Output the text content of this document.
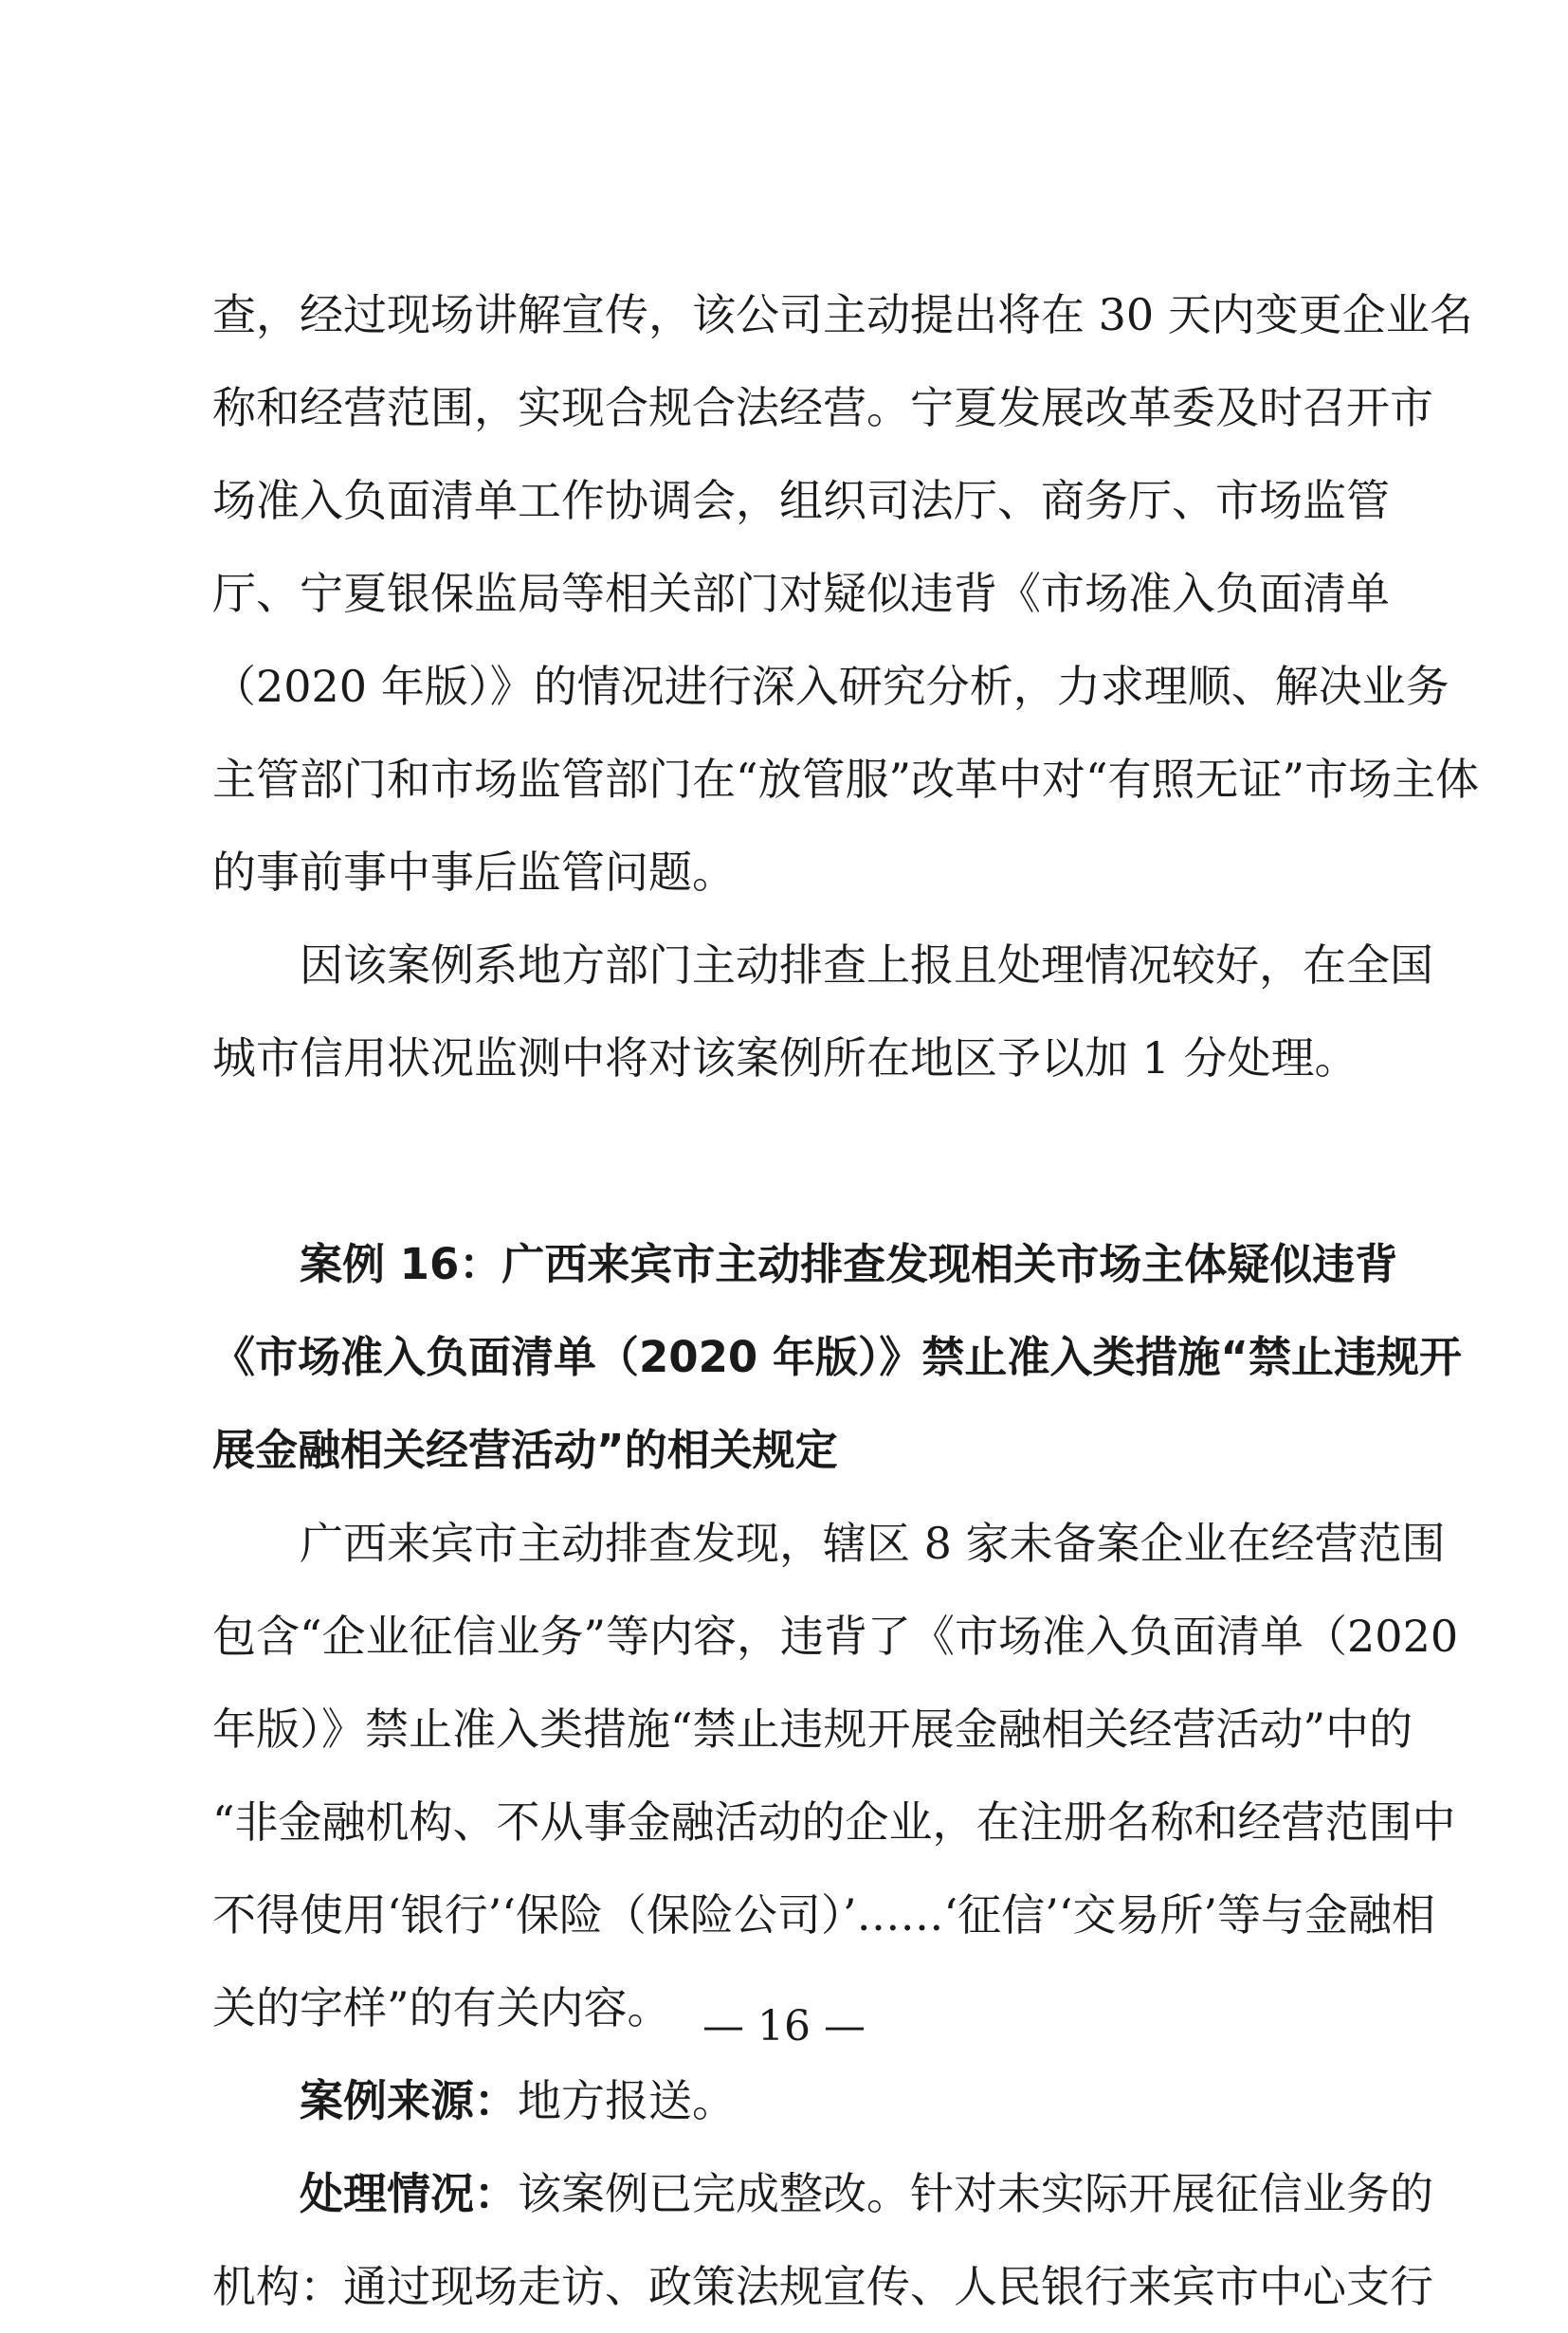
查，经过现场讲解宣传，该公司主动提出将在 30 天内变更企业名
称和经营范围，实现合规合法经营。宁夏发展改革委及时召开市
场准入负面清单工作协调会，组织司法厅、商务厅、市场监管
厅、宁夏银保监局等相关部门对疑似违背《市场准入负面清单
（2020 年版）》的情况进行深入研究分析，力求理顺、解决业务
主管部门和市场监管部门在“放管服”改革中对“有照无证”市场主体
的事前事中事后监管问题。
因该案例系地方部门主动排查上报且处理情况较好，在全国
城市信用状况监测中将对该案例所在地区予以加 1 分处理。
案例 16：广西来宾市主动排查发现相关市场主体疑似违背
《市场准入负面清单（2020 年版）》禁止准入类措施“禁止违规开
展金融相关经营活动”的相关规定
广西来宾市主动排查发现，辖区 8 家未备案企业在经营范围
包含“企业征信业务”等内容，违背了《市场准入负面清单（2020
年版）》禁止准入类措施“禁止违规开展金融相关经营活动”中的
“非金融机构、不从事金融活动的企业，在注册名称和经营范围中
不得使用‘银行’‘保险（保险公司）’……‘征信’‘交易所’等与金融相
关的字样”的有关内容。
案例来源：地方报送。
处理情况：该案例已完成整改。针对未实际开展征信业务的
机构：通过现场走访、政策法规宣传、人民银行来宾市中心支行
— 16 —
